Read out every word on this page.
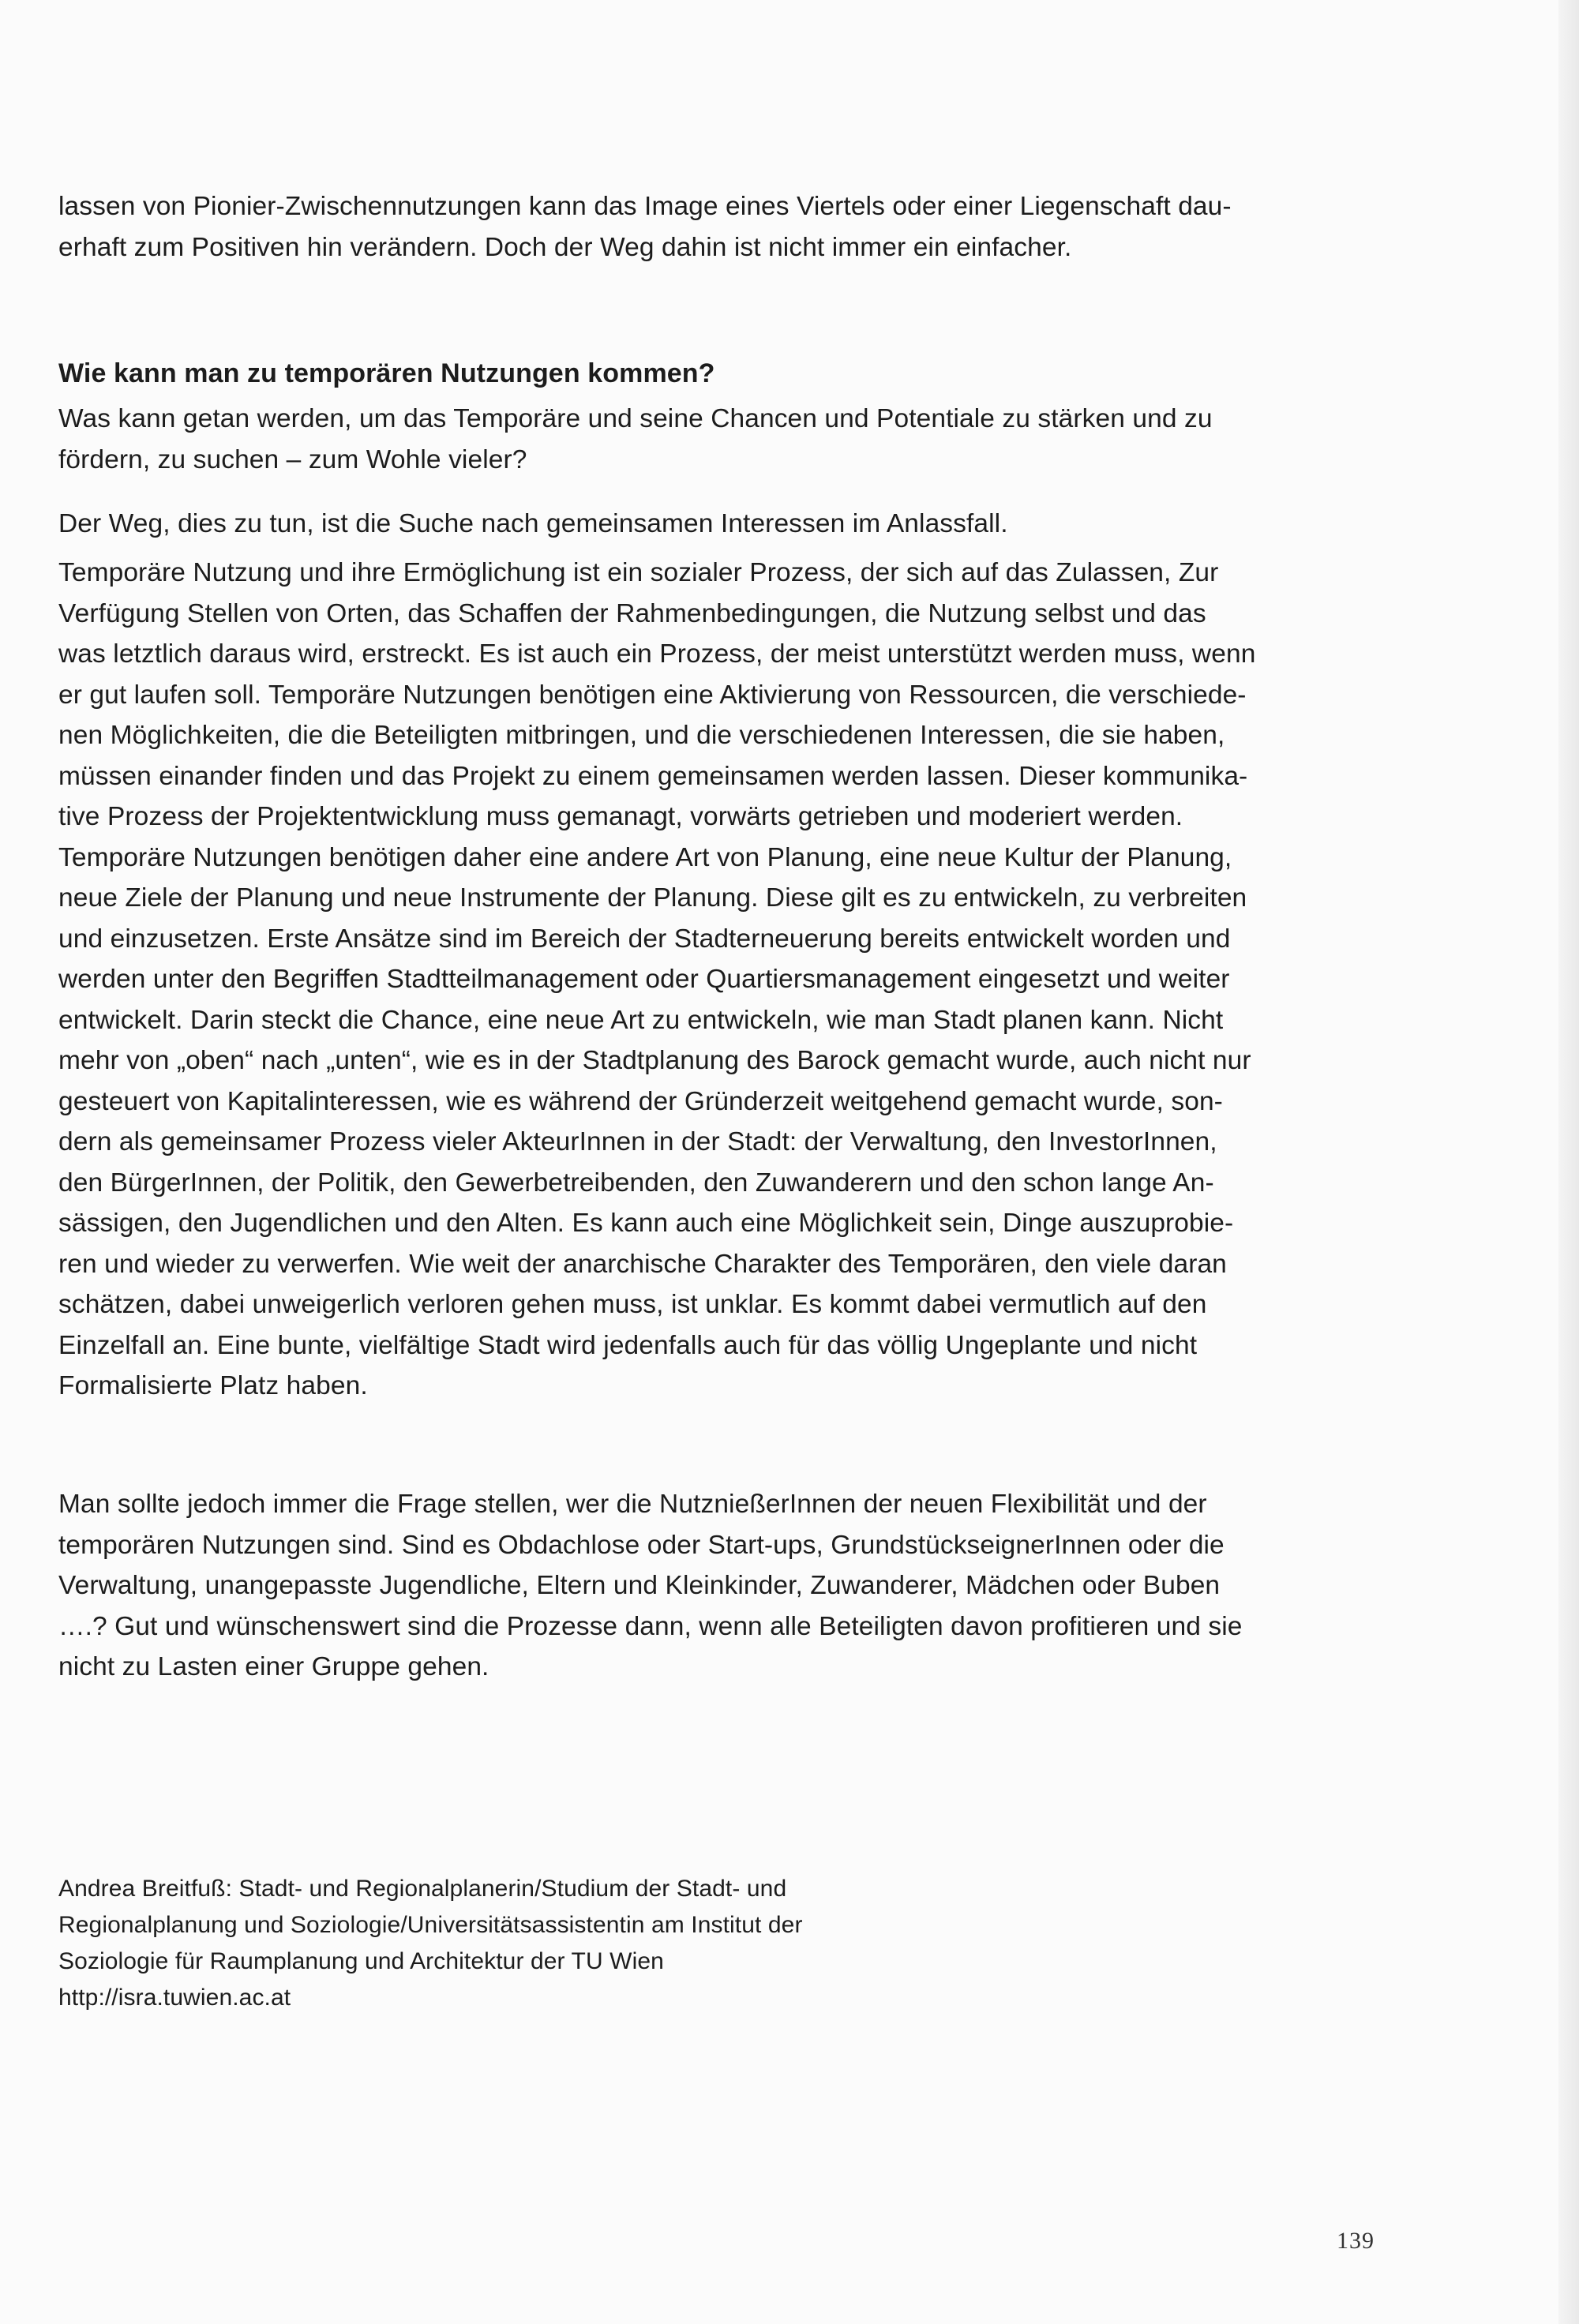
lassen von Pionier-Zwischennutzungen kann das Image eines Viertels oder einer Liegenschaft dau-

erhaft zum Positiven hin verändern. Doch der Weg dahin ist nicht immer ein einfacher.

Wie kann man zu temporären Nutzungen kommen?

Was kann getan werden, um das Temporäre und seine Chancen und Potentiale zu stärken und zu

fördern, zu suchen – zum Wohle vieler?

Der Weg, dies zu tun, ist die Suche nach gemeinsamen Interessen im Anlassfall.

Temporäre Nutzung und ihre Ermöglichung ist ein sozialer Prozess, der sich auf das Zulassen, Zur

Verfügung Stellen von Orten, das Schaffen der Rahmenbedingungen, die Nutzung selbst und das

was letztlich daraus wird, erstreckt. Es ist auch ein Prozess, der meist unterstützt werden muss, wenn

er gut laufen soll. Temporäre Nutzungen benötigen eine Aktivierung von Ressourcen, die verschiede-

nen Möglichkeiten, die die Beteiligten mitbringen, und die verschiedenen Interessen, die sie haben,

müssen einander finden und das Projekt zu einem gemeinsamen werden lassen. Dieser kommunika-

tive Prozess der Projektentwicklung muss gemanagt, vorwärts getrieben und moderiert werden.

Temporäre Nutzungen benötigen daher eine andere Art von Planung, eine neue Kultur der Planung,

neue Ziele der Planung und neue Instrumente der Planung. Diese gilt es zu entwickeln, zu verbreiten

und einzusetzen. Erste Ansätze sind im Bereich der Stadterneuerung bereits entwickelt worden und

werden unter den Begriffen Stadtteilmanagement oder Quartiersmanagement eingesetzt und weiter

entwickelt. Darin steckt die Chance, eine neue Art zu entwickeln, wie man Stadt planen kann. Nicht

mehr von „oben“ nach „unten“, wie es in der Stadtplanung des Barock gemacht wurde, auch nicht nur

gesteuert von Kapitalinteressen, wie es während der Gründerzeit weitgehend gemacht wurde, son-

dern als gemeinsamer Prozess vieler AkteurInnen in der Stadt: der Verwaltung, den InvestorInnen,

den BürgerInnen, der Politik, den Gewerbetreibenden, den Zuwanderern und den schon lange An-

sässigen, den Jugendlichen und den Alten. Es kann auch eine Möglichkeit sein, Dinge auszuprobie-

ren und wieder zu verwerfen. Wie weit der anarchische Charakter des Temporären, den viele daran

schätzen, dabei unweigerlich verloren gehen muss, ist unklar. Es kommt dabei vermutlich auf den

Einzelfall an. Eine bunte, vielfältige Stadt wird jedenfalls auch für das völlig Ungeplante und nicht

Formalisierte Platz haben.

Man sollte jedoch immer die Frage stellen, wer die NutznießerInnen der neuen Flexibilität und der

temporären Nutzungen sind. Sind es Obdachlose oder Start-ups, GrundstückseignerInnen oder die

Verwaltung, unangepasste Jugendliche, Eltern und Kleinkinder, Zuwanderer, Mädchen oder Buben

….? Gut und wünschenswert sind die Prozesse dann, wenn alle Beteiligten davon profitieren und sie

nicht zu Lasten einer Gruppe gehen.

Andrea Breitfuß: Stadt- und Regionalplanerin/Studium der Stadt- und

Regionalplanung und Soziologie/Universitätsassistentin am Institut der

Soziologie für Raumplanung und Architektur der TU Wien

http://isra.tuwien.ac.at

139
